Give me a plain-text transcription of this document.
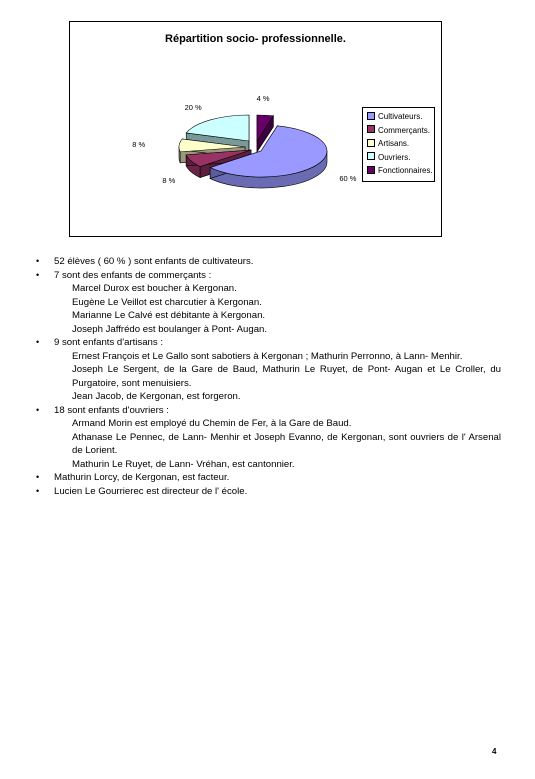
Répartition socio- professionnelle.
60 %
8 %
8 %
20 %
4 %
Cultivateurs.
Commerçants.
Artisans.
Ouvriers.
Fonctionnaires.
• 52 élèves ( 60 % ) sont enfants de cultivateurs.
• 7 sont des enfants de commerçants :
Marcel Durox est boucher à Kergonan.
Eugène Le Veillot est charcutier à Kergonan.
Marianne Le Calvé est débitante à Kergonan.
Joseph Jaffrédo est boulanger à Pont- Augan.
• 9 sont enfants d'artisans :
Ernest François et Le Gallo sont sabotiers à Kergonan ; Mathurin Perronno, à Lann- Menhir.
Joseph Le Sergent, de la Gare de Baud, Mathurin Le Ruyet, de Pont- Augan et Le Croller, du Purgatoire, sont menuisiers.
Jean Jacob, de Kergonan, est forgeron.
• 18 sont enfants d'ouvriers :
Armand Morin est employé du Chemin de Fer, à la Gare de Baud.
Athanase Le Pennec, de Lann- Menhir et Joseph Evanno, de Kergonan, sont ouvriers de l' Arsenal de Lorient.
Mathurin Le Ruyet, de Lann- Vréhan, est cantonnier.
• Mathurin Lorcy, de Kergonan, est facteur.
• Lucien Le Gourrierec est directeur de l' école.
4
